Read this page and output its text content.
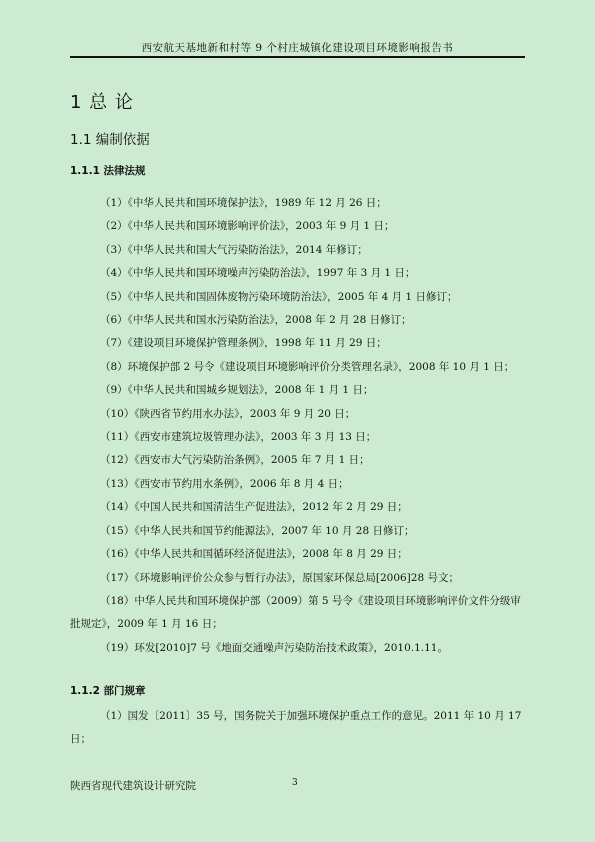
西安航天基地新和村等 9 个村庄城镇化建设项目环境影响报告书
1 总 论
1.1 编制依据
1.1.1 法律法规

（1）《中华人民共和国环境保护法》，1989 年 12 月 26 日；

（2）《中华人民共和国环境影响评价法》，2003 年 9 月 1 日；

（3）《中华人民共和国大气污染防治法》，2014 年修订；

（4）《中华人民共和国环境噪声污染防治法》，1997 年 3 月 1 日；

（5）《中华人民共和国固体废物污染环境防治法》，2005 年 4 月 1 日修订；

（6）《中华人民共和国水污染防治法》，2008 年 2 月 28 日修订；

（7）《建设项目环境保护管理条例》，1998 年 11 月 29 日；

（8）环境保护部 2 号令《建设项目环境影响评价分类管理名录》，2008 年 10 月 1 日；

（9）《中华人民共和国城乡规划法》，2008 年 1 月 1 日；

（10）《陕西省节约用水办法》，2003 年 9 月 20 日；

（11）《西安市建筑垃圾管理办法》，2003 年 3 月 13 日；

（12）《西安市大气污染防治条例》，2005 年 7 月 1 日；

（13）《西安市节约用水条例》，2006 年 8 月 4 日；

（14）《中国人民共和国清洁生产促进法》，2012 年 2 月 29 日；

（15）《中华人民共和国节约能源法》，2007 年 10 月 28 日修订；

（16）《中华人民共和国循环经济促进法》，2008 年 8 月 29 日；

（17）《环境影响评价公众参与暂行办法》，原国家环保总局[2006]28 号文；

（18）中华人民共和国环境保护部（2009）第 5 号令《建设项目环境影响评价文件分级审批规定》，2009 年 1 月 16 日；

（19）环发[2010]7 号《地面交通噪声污染防治技术政策》，2010.1.11。

1.1.2 部门规章

（1）国发〔2011〕35 号，国务院关于加强环境保护重点工作的意见。2011 年 10 月 17 日；

陕西省现代建筑设计研究院	3
